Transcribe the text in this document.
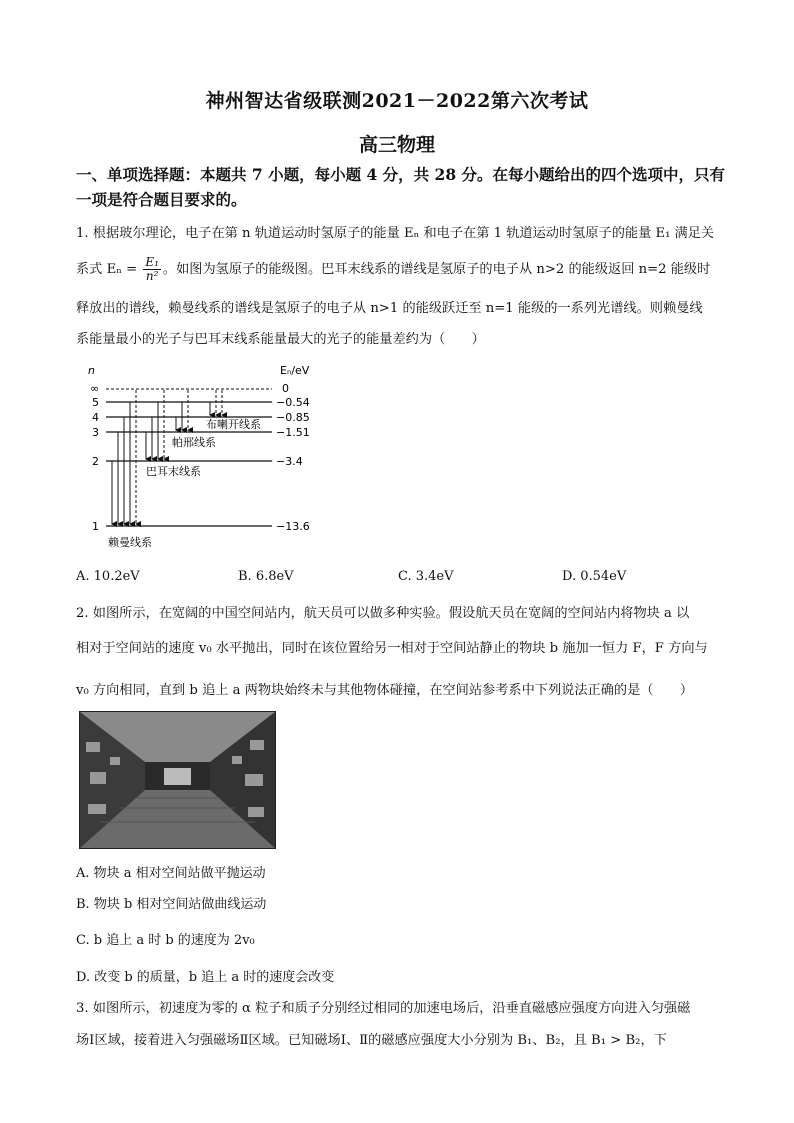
神州智达省级联测2021－2022第六次考试
高三物理
一、单项选择题：本题共 7 小题，每小题 4 分，共 28 分。在每小题给出的四个选项中，只有
一项是符合题目要求的。
1. 根据玻尔理论，电子在第 n 轨道运动时氢原子的能量 Eₙ 和电子在第 1 轨道运动时氢原子的能量 E₁ 满足关
系式 $E_n = \frac{\text{E₁}}{\text{n²}}$ 。如图为氢原子的能级图。巴耳末线系的谱线是氢原子的电子从 n>2 的能级返回 n=2 能级时
释放出的谱线，赖曼线系的谱线是氢原子的电子从 n>1 的能级跃迁至 n=1 能级的一系列光谱线。则赖曼线
系能量最小的光子与巴耳末线系能量最大的光子的能量差约为（　　）
n	Eₙ/eV
∞
5
4
3
2
1
0
−0.54
−0.85
−1.51
−3.4
−13.6
布喇开线系
帕邢线系
巴耳末线系
赖曼线系
A. 10.2eV	B. 6.8eV	C. 3.4eV	D. 0.54eV
2. 如图所示，在宽阔的中国空间站内，航天员可以做多种实验。假设航天员在宽阔的空间站内将物块 a 以
相对于空间站的速度 v₀ 水平抛出，同时在该位置给另一相对于空间站静止的物块 b 施加一恒力 F，F 方向与
v₀ 方向相同，直到 b 追上 a 两物块始终未与其他物体碰撞，在空间站参考系中下列说法正确的是（　　）
A. 物块 a 相对空间站做平抛运动
B. 物块 b 相对空间站做曲线运动
C. b 追上 a 时 b 的速度为 2v₀
D. 改变 b 的质量，b 追上 a 时的速度会改变
3. 如图所示，初速度为零的 α 粒子和质子分别经过相同的加速电场后，沿垂直磁感应强度方向进入匀强磁
场Ⅰ区域，接着进入匀强磁场Ⅱ区域。已知磁场Ⅰ、Ⅱ的磁感应强度大小分别为 B₁、B₂，且 B₁ > B₂，下
